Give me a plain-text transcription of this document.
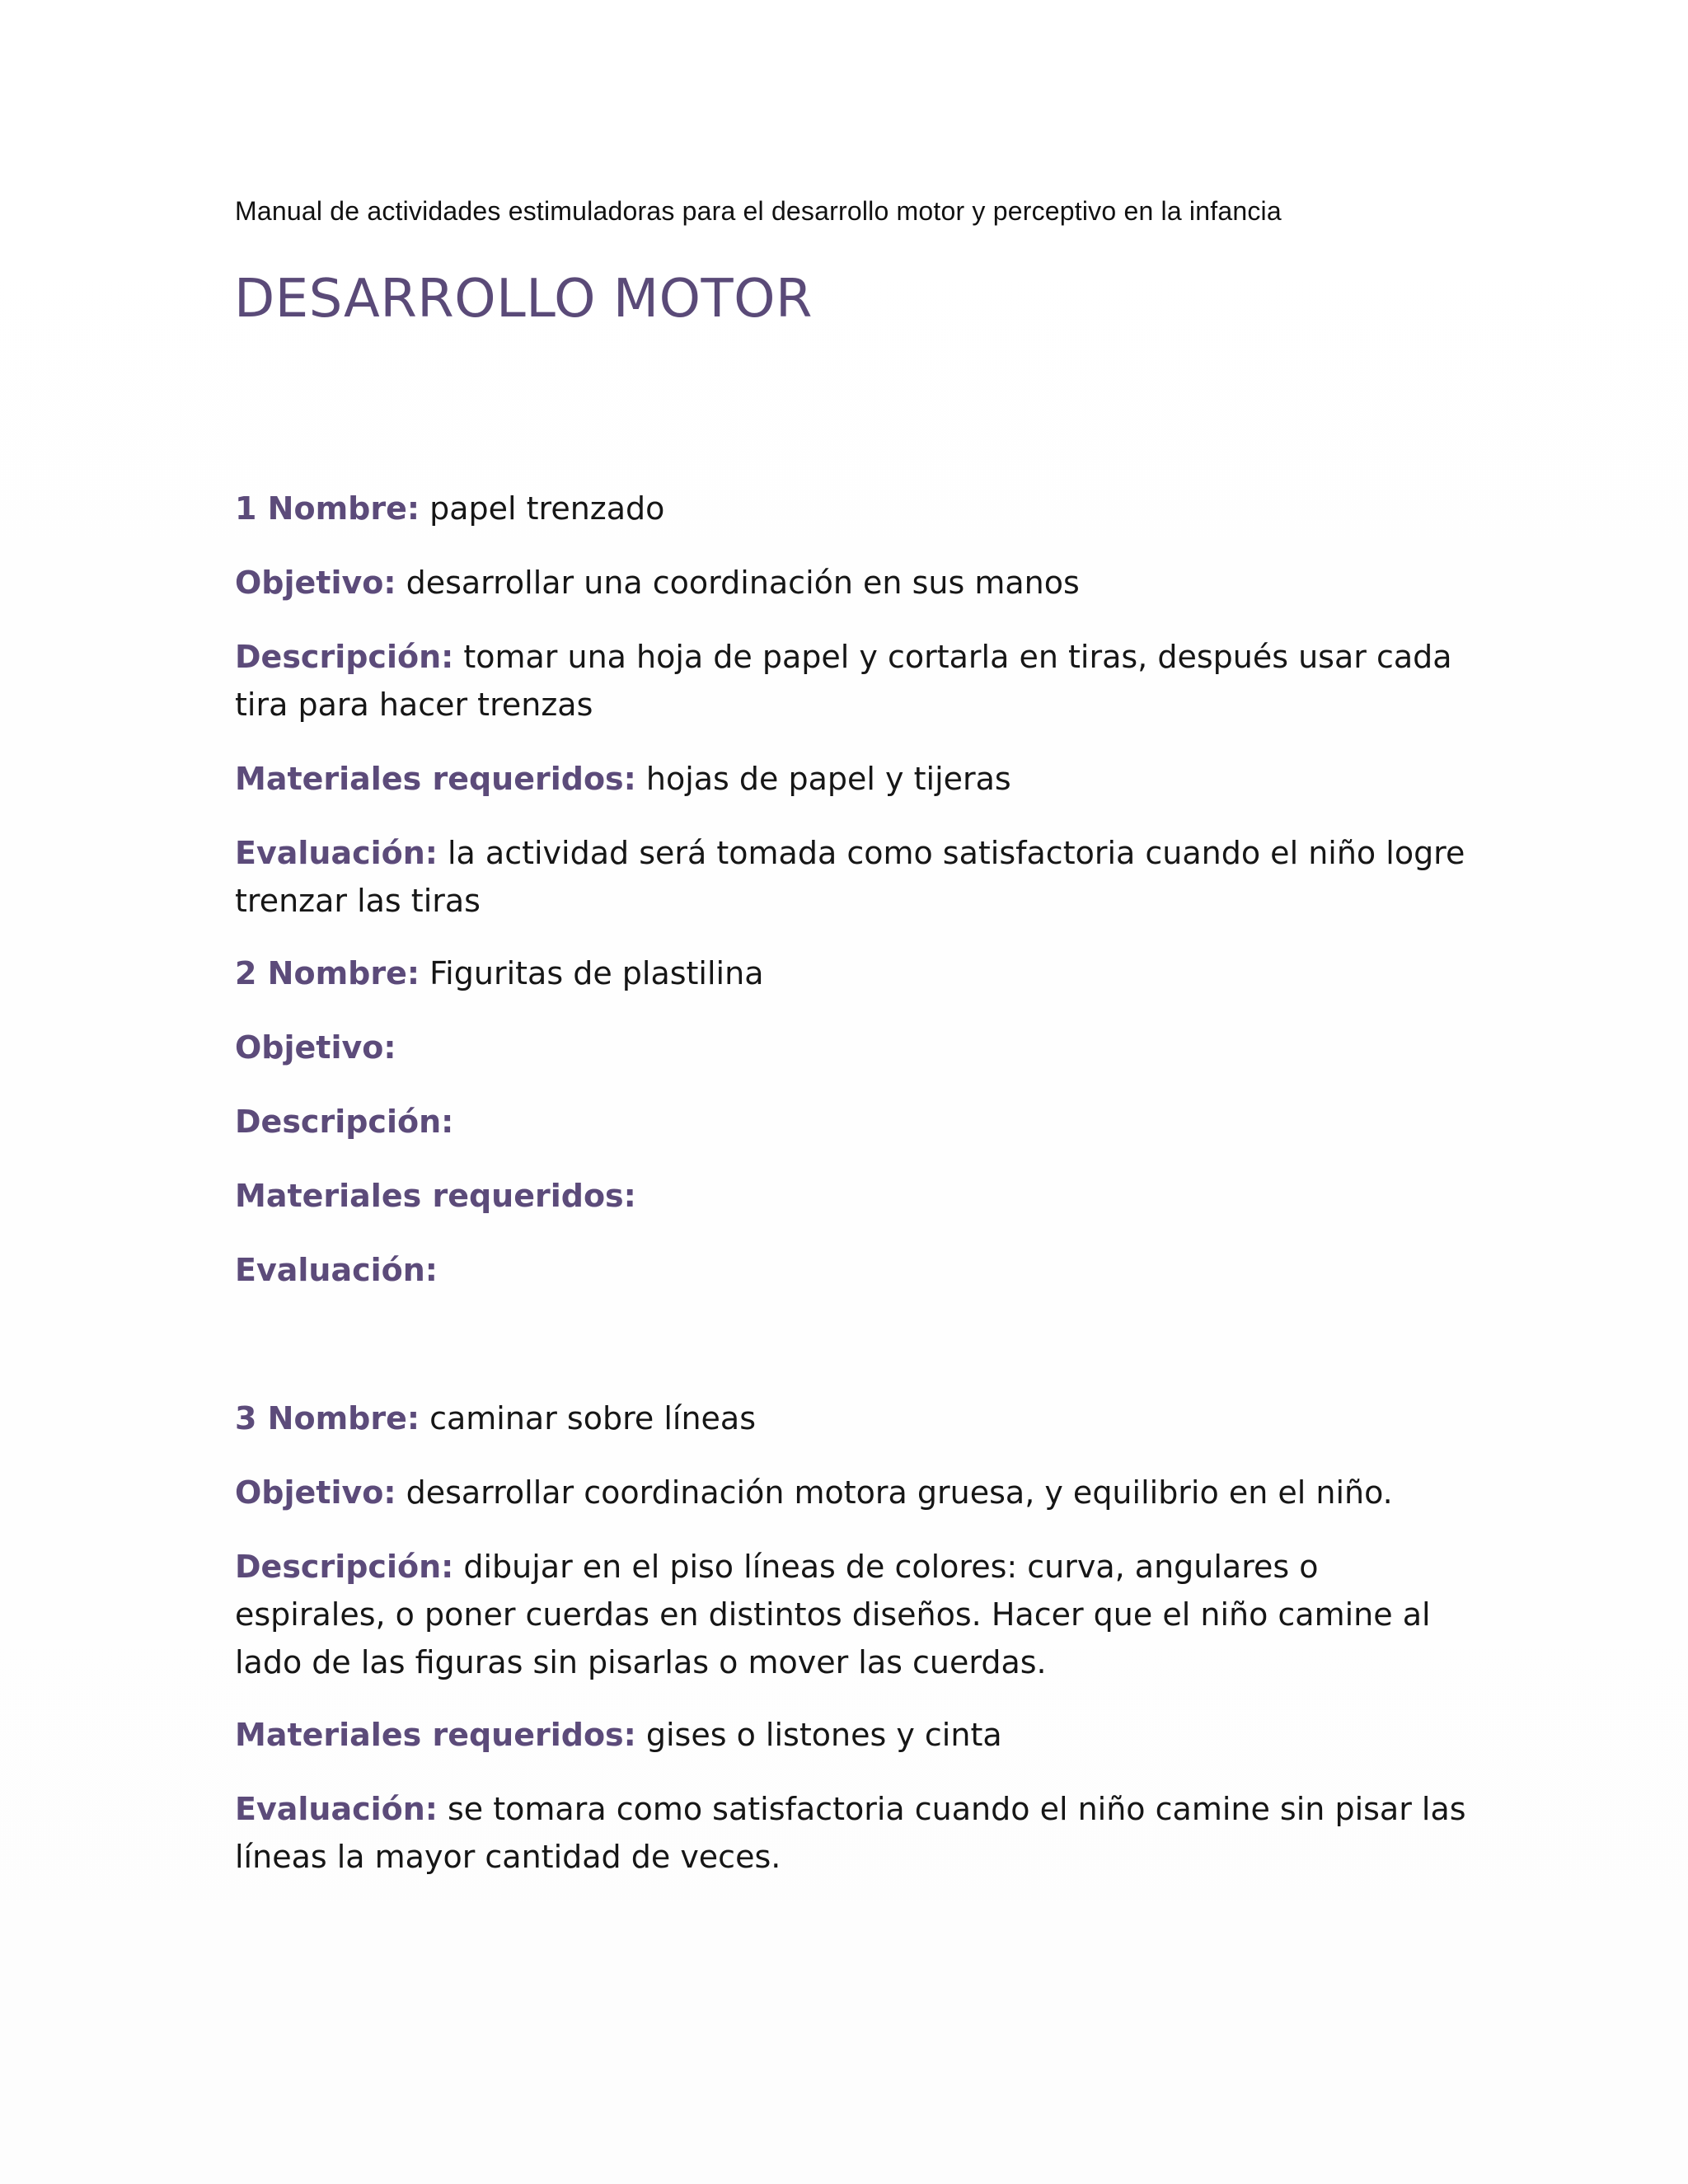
Manual de actividades estimuladoras para el desarrollo motor y perceptivo en la infancia
DESARROLLO MOTOR

1 Nombre: papel trenzado

Objetivo: desarrollar una coordinación en sus manos

Descripción: tomar una hoja de papel y cortarla en tiras, después usar cada tira para hacer trenzas

Materiales requeridos: hojas de papel y tijeras

Evaluación: la actividad será tomada como satisfactoria cuando el niño logre trenzar las tiras

2 Nombre: Figuritas de plastilina

Objetivo:

Descripción:

Materiales requeridos:

Evaluación:

3 Nombre: caminar sobre líneas

Objetivo: desarrollar coordinación motora gruesa, y equilibrio en el niño.

Descripción: dibujar en el piso líneas de colores: curva, angulares o espirales, o poner cuerdas en distintos diseños. Hacer que el niño camine al lado de las figuras sin pisarlas o mover las cuerdas.

Materiales requeridos: gises o listones y cinta

Evaluación: se tomara como satisfactoria cuando el niño camine sin pisar las líneas la mayor cantidad de veces.
